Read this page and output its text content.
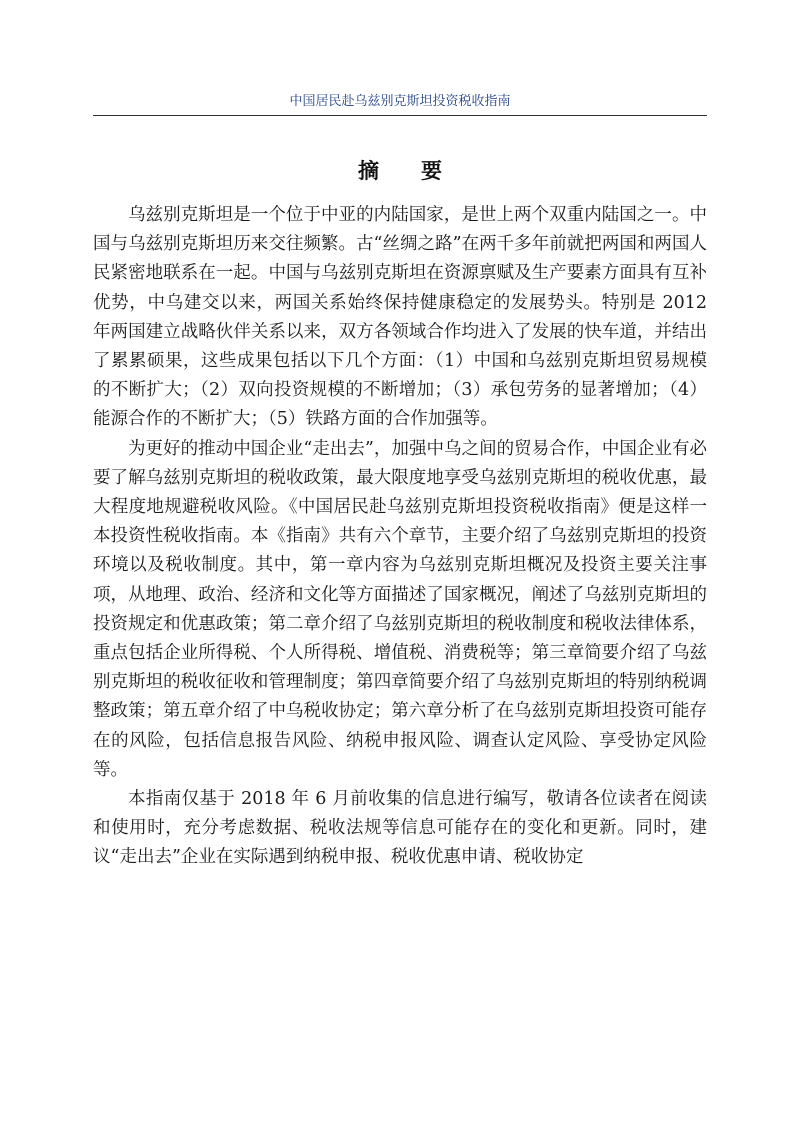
中国居民赴乌兹别克斯坦投资税收指南
摘要

乌兹别克斯坦是一个位于中亚的内陆国家，是世上两个双重内陆国之一。中国与乌兹别克斯坦历来交往频繁。古“丝绸之路”在两千多年前就把两国和两国人民紧密地联系在一起。中国与乌兹别克斯坦在资源禀赋及生产要素方面具有互补优势，中乌建交以来，两国关系始终保持健康稳定的发展势头。特别是 2012 年两国建立战略伙伴关系以来，双方各领域合作均进入了发展的快车道，并结出了累累硕果，这些成果包括以下几个方面：（1）中国和乌兹别克斯坦贸易规模的不断扩大；（2）双向投资规模的不断增加；（3）承包劳务的显著增加；（4）能源合作的不断扩大；（5）铁路方面的合作加强等。

为更好的推动中国企业“走出去”，加强中乌之间的贸易合作，中国企业有必要了解乌兹别克斯坦的税收政策，最大限度地享受乌兹别克斯坦的税收优惠，最大程度地规避税收风险。《中国居民赴乌兹别克斯坦投资税收指南》便是这样一本投资性税收指南。本《指南》共有六个章节，主要介绍了乌兹别克斯坦的投资环境以及税收制度。其中，第一章内容为乌兹别克斯坦概况及投资主要关注事项，从地理、政治、经济和文化等方面描述了国家概况，阐述了乌兹别克斯坦的投资规定和优惠政策；第二章介绍了乌兹别克斯坦的税收制度和税收法律体系，重点包括企业所得税、个人所得税、增值税、消费税等；第三章简要介绍了乌兹别克斯坦的税收征收和管理制度；第四章简要介绍了乌兹别克斯坦的特别纳税调整政策；第五章介绍了中乌税收协定；第六章分析了在乌兹别克斯坦投资可能存在的风险，包括信息报告风险、纳税申报风险、调查认定风险、享受协定风险等。

本指南仅基于 2018 年 6 月前收集的信息进行编写，敬请各位读者在阅读和使用时，充分考虑数据、税收法规等信息可能存在的变化和更新。同时，建议“走出去”企业在实际遇到纳税申报、税收优惠申请、税收协定
